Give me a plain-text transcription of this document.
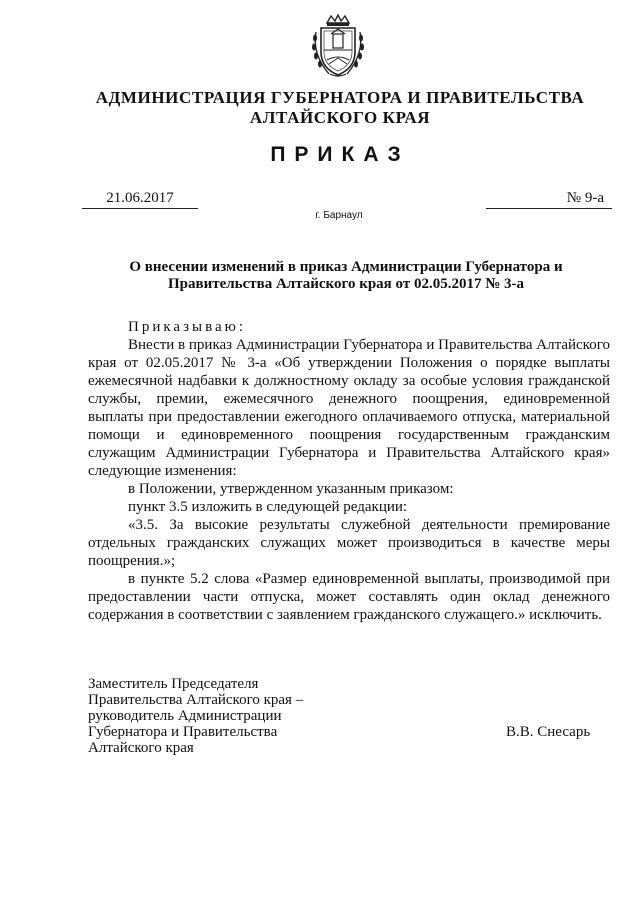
АДМИНИСТРАЦИЯ ГУБЕРНАТОРА И ПРАВИТЕЛЬСТВА
АЛТАЙСКОГО КРАЯ
ПРИКАЗ
21.06.2017	№ 9-а
г. Барнаул
О внесении изменений в приказ Администрации Губернатора и
Правительства Алтайского края от 02.05.2017 № 3-а

Приказываю:

Внести в приказ Администрации Губернатора и Правительства Алтайского края от 02.05.2017 № 3-а «Об утверждении Положения о порядке выплаты ежемесячной надбавки к должностному окладу за особые условия гражданской службы, премии, ежемесячного денежного поощрения, единовременной выплаты при предоставлении ежегодного оплачиваемого отпуска, материальной помощи и единовременного поощрения государственным гражданским служащим Администрации Губернатора и Правительства Алтайского края» следующие изменения:

в Положении, утвержденном указанным приказом:

пункт 3.5 изложить в следующей редакции:

«3.5. За высокие результаты служебной деятельности премирование отдельных гражданских служащих может производиться в качестве меры поощрения.»;

в пункте 5.2 слова «Размер единовременной выплаты, производимой при предоставлении части отпуска, может составлять один оклад денежного содержания в соответствии с заявлением гражданского служащего.» исключить.

Заместитель Председателя
Правительства Алтайского края –
руководитель Администрации
Губернатора и Правительства
Алтайского края
В.В. Снесарь
